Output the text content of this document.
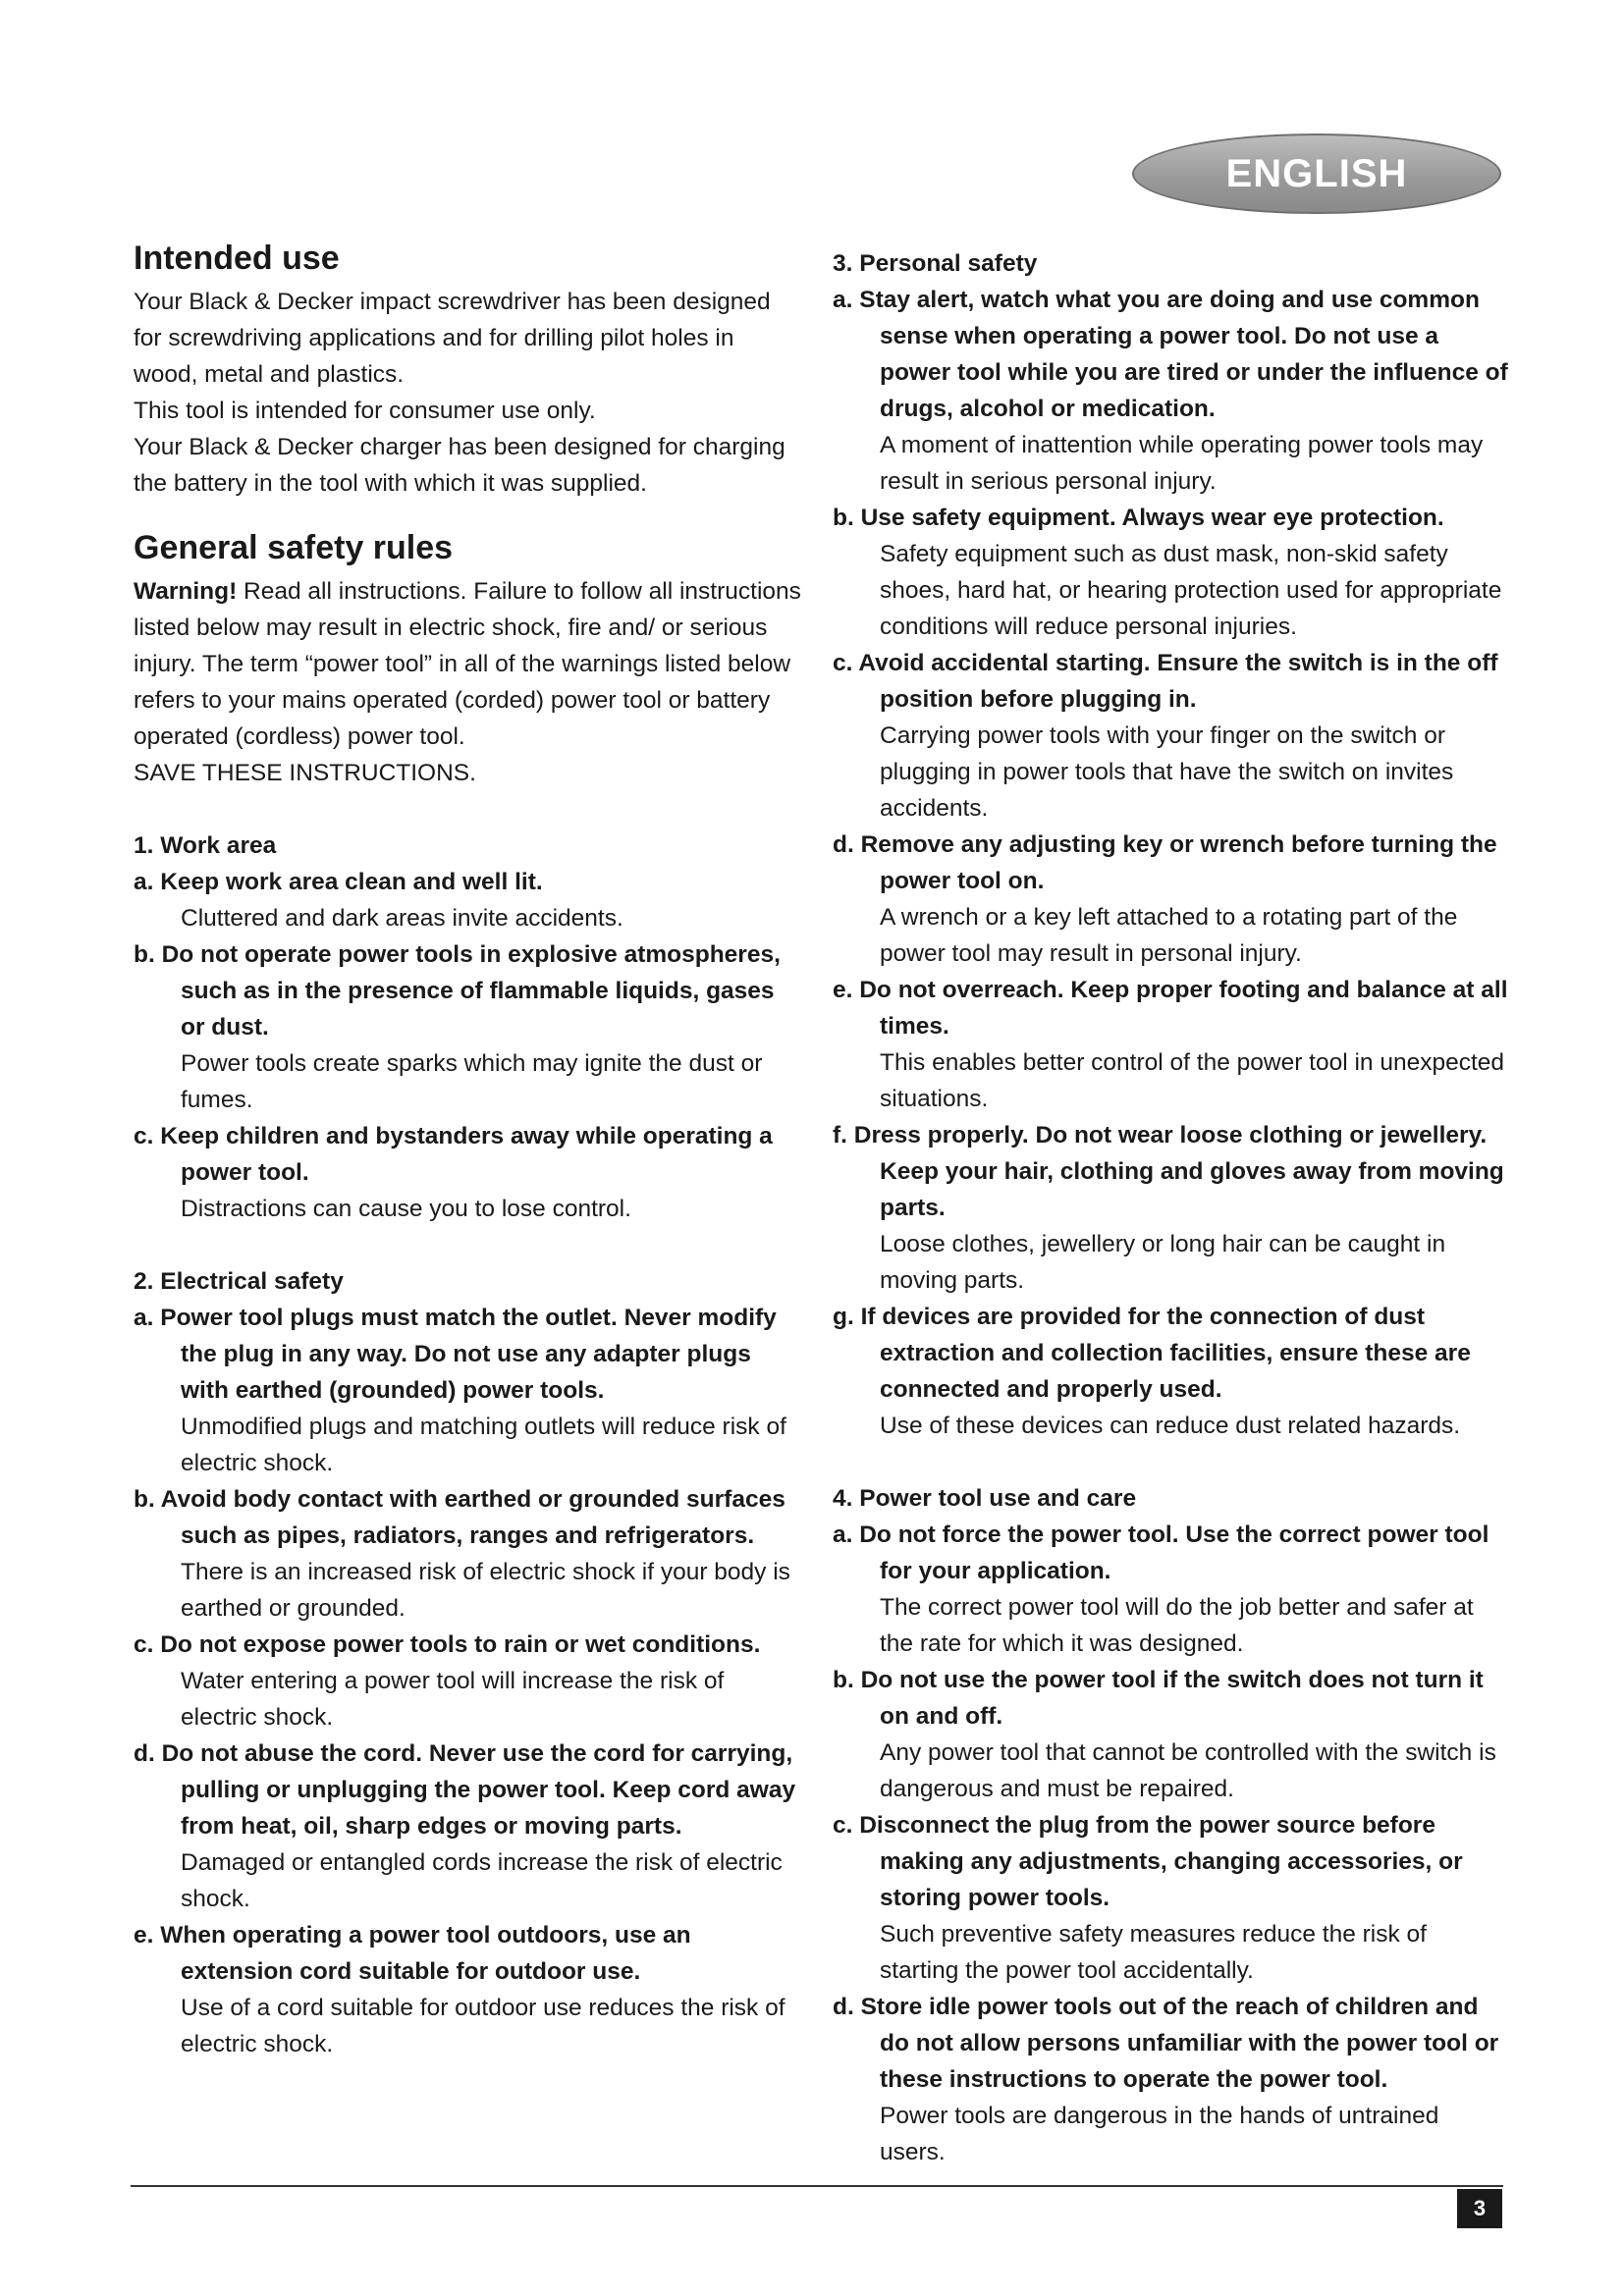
ENGLISH
Intended use

Your Black & Decker impact screwdriver has been designed for screwdriving applications and for drilling pilot holes in wood, metal and plastics.

This tool is intended for consumer use only.

Your Black & Decker charger has been designed for charging the battery in the tool with which it was supplied.

General safety rules

Warning! Read all instructions. Failure to follow all instructions listed below may result in electric shock, fire and/ or serious injury. The term “power tool” in all of the warnings listed below refers to your mains operated (corded) power tool or battery operated (cordless) power tool.

SAVE THESE INSTRUCTIONS.

1. Work area
a. Keep work area clean and well lit.
Cluttered and dark areas invite accidents.
b. Do not operate power tools in explosive atmospheres, such as in the presence of flammable liquids, gases or dust.
Power tools create sparks which may ignite the dust or fumes.
c. Keep children and bystanders away while operating a power tool.
Distractions can cause you to lose control.
2. Electrical safety
a. Power tool plugs must match the outlet. Never modify the plug in any way. Do not use any adapter plugs with earthed (grounded) power tools.
Unmodified plugs and matching outlets will reduce risk of electric shock.
b. Avoid body contact with earthed or grounded surfaces such as pipes, radiators, ranges and refrigerators.
There is an increased risk of electric shock if your body is earthed or grounded.
c. Do not expose power tools to rain or wet conditions.
Water entering a power tool will increase the risk of electric shock.
d. Do not abuse the cord. Never use the cord for carrying, pulling or unplugging the power tool. Keep cord away from heat, oil, sharp edges or moving parts.
Damaged or entangled cords increase the risk of electric shock.
e. When operating a power tool outdoors, use an extension cord suitable for outdoor use.
Use of a cord suitable for outdoor use reduces the risk of electric shock.
3. Personal safety
a. Stay alert, watch what you are doing and use common sense when operating a power tool. Do not use a power tool while you are tired or under the influence of drugs, alcohol or medication.
A moment of inattention while operating power tools may result in serious personal injury.
b. Use safety equipment. Always wear eye protection.
Safety equipment such as dust mask, non-skid safety shoes, hard hat, or hearing protection used for appropriate conditions will reduce personal injuries.
c. Avoid accidental starting. Ensure the switch is in the off position before plugging in.
Carrying power tools with your finger on the switch or plugging in power tools that have the switch on invites accidents.
d. Remove any adjusting key or wrench before turning the power tool on.
A wrench or a key left attached to a rotating part of the power tool may result in personal injury.
e. Do not overreach. Keep proper footing and balance at all times.
This enables better control of the power tool in unexpected situations.
f. Dress properly. Do not wear loose clothing or jewellery. Keep your hair, clothing and gloves away from moving parts.
Loose clothes, jewellery or long hair can be caught in moving parts.
g. If devices are provided for the connection of dust extraction and collection facilities, ensure these are connected and properly used.
Use of these devices can reduce dust related hazards.
4. Power tool use and care
a. Do not force the power tool. Use the correct power tool for your application.
The correct power tool will do the job better and safer at the rate for which it was designed.
b. Do not use the power tool if the switch does not turn it on and off.
Any power tool that cannot be controlled with the switch is dangerous and must be repaired.
c. Disconnect the plug from the power source before making any adjustments, changing accessories, or storing power tools.
Such preventive safety measures reduce the risk of starting the power tool accidentally.
d. Store idle power tools out of the reach of children and do not allow persons unfamiliar with the power tool or these instructions to operate the power tool.
Power tools are dangerous in the hands of untrained users.
3
